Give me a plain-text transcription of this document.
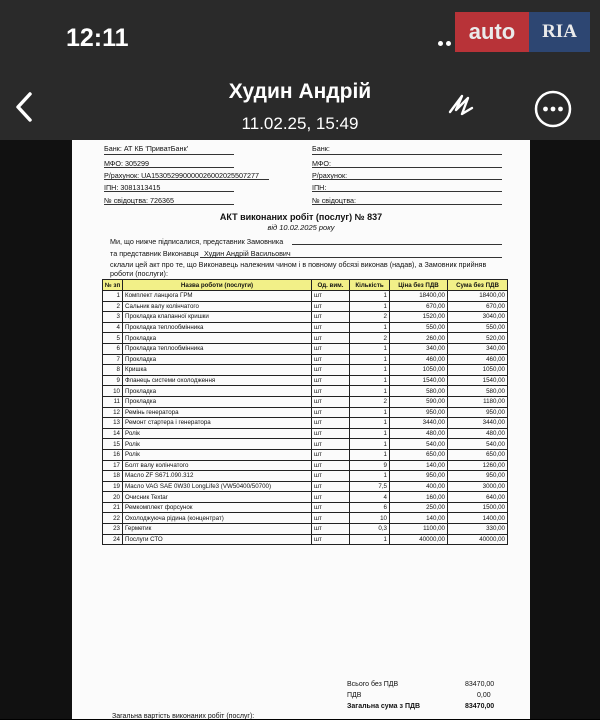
12:11	auto	RIA
Худин Андрій
11.02.25, 15:49
Банк: АТ КБ 'ПриватБанк'
МФО: 305299
Р/рахунок: UA153052990000026002025507277
ІПН: 3081313415
№ свідоцтва: 726365
Банк:
МФО:
Р/рахунок:
ІПН:
№ свідоцтва:
АКТ виконаних робіт (послуг) № 837
від 10.02.2025 року
Ми, що нижче підписалися, представник Замовника
та представник Виконавця Худин Андрій Васильович
склали цей акт про те, що Виконавець належним чином і в повному обсязі виконав (надав), а Замовник прийняв
роботи (послуги):
№ зп	Назва роботи (послуги)	Од. вим.	Кількість	Ціна без ПДВ	Сума без ПДВ
1	Комплект ланцюга ГРМ	шт	1	18400,00	18400,00
2	Сальник валу колінчатого	шт	1	670,00	670,00
3	Прокладка клапанної кришки	шт	2	1520,00	3040,00
4	Прокладка теплообмінника	шт	1	550,00	550,00
5	Прокладка	шт	2	260,00	520,00
6	Прокладка теплообмінника	шт	1	340,00	340,00
7	Прокладка	шт	1	460,00	460,00
8	Кришка	шт	1	1050,00	1050,00
9	Фланець системи охолодження	шт	1	1540,00	1540,00
10	Прокладка	шт	1	580,00	580,00
11	Прокладка	шт	2	590,00	1180,00
12	Ремінь генератора	шт	1	950,00	950,00
13	Ремонт стартера і генератора	шт	1	3440,00	3440,00
14	Ролік	шт	1	480,00	480,00
15	Ролік	шт	1	540,00	540,00
16	Ролік	шт	1	650,00	650,00
17	Болт валу колінчатого	шт	9	140,00	1260,00
18	Масло ZF S671.090.312	шт	1	950,00	950,00
19	Масло VAG SAE 0W30 LongLife3 (VW50400/50700)	шт	7,5	400,00	3000,00
20	Очисник Textar	шт	4	160,00	640,00
21	Ремкомплект форсунок	шт	6	250,00	1500,00
22	Охолоджуюча рідина (концентрат)	шт	10	140,00	1400,00
23	Герметик	шт	0,3	1100,00	330,00
24	Послуги СТО	шт	1	40000,00	40000,00
Всього без ПДВ	83470,00
ПДВ	0,00
Загальна сума з ПДВ	83470,00
Загальна вартість виконаних робіт (послуг):
